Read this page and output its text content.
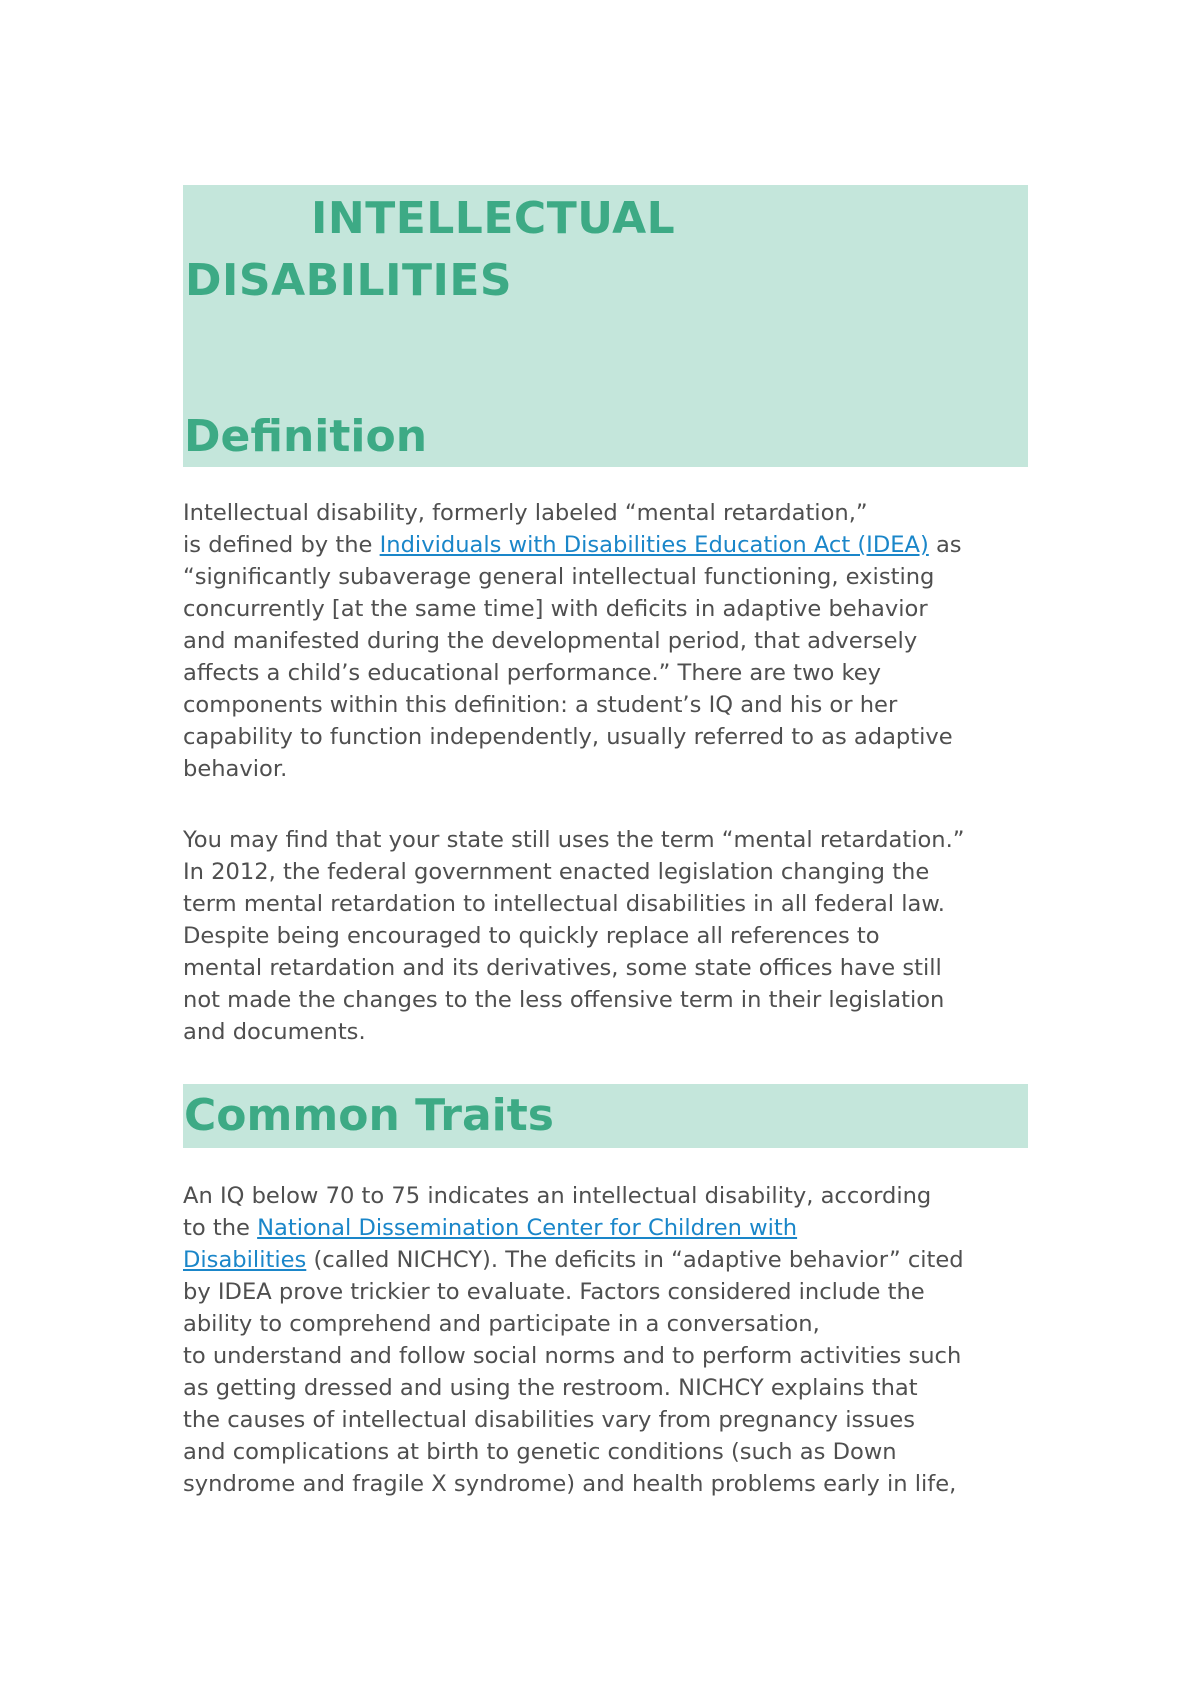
INTELLECTUAL
DISABILITIES
Definition

Intellectual disability, formerly labeled “mental retardation,”
is defined by the Individuals with Disabilities Education Act (IDEA) as
“significantly subaverage general intellectual functioning, existing
concurrently [at the same time] with deficits in adaptive behavior
and manifested during the developmental period, that adversely
affects a child’s educational performance.” There are two key
components within this definition: a student’s IQ and his or her
capability to function independently, usually referred to as adaptive
behavior.

You may find that your state still uses the term “mental retardation.”
In 2012, the federal government enacted legislation changing the
term mental retardation to intellectual disabilities in all federal law.
Despite being encouraged to quickly replace all references to
mental retardation and its derivatives, some state offices have still
not made the changes to the less offensive term in their legislation
and documents.

Common Traits

An IQ below 70 to 75 indicates an intellectual disability, according
to the National Dissemination Center for Children with
Disabilities (called NICHCY). The deficits in “adaptive behavior” cited
by IDEA prove trickier to evaluate. Factors considered include the
ability to comprehend and participate in a conversation,
to understand and follow social norms and to perform activities such
as getting dressed and using the restroom. NICHCY explains that
the causes of intellectual disabilities vary from pregnancy issues
and complications at birth to genetic conditions (such as Down
syndrome and fragile X syndrome) and health problems early in life,
